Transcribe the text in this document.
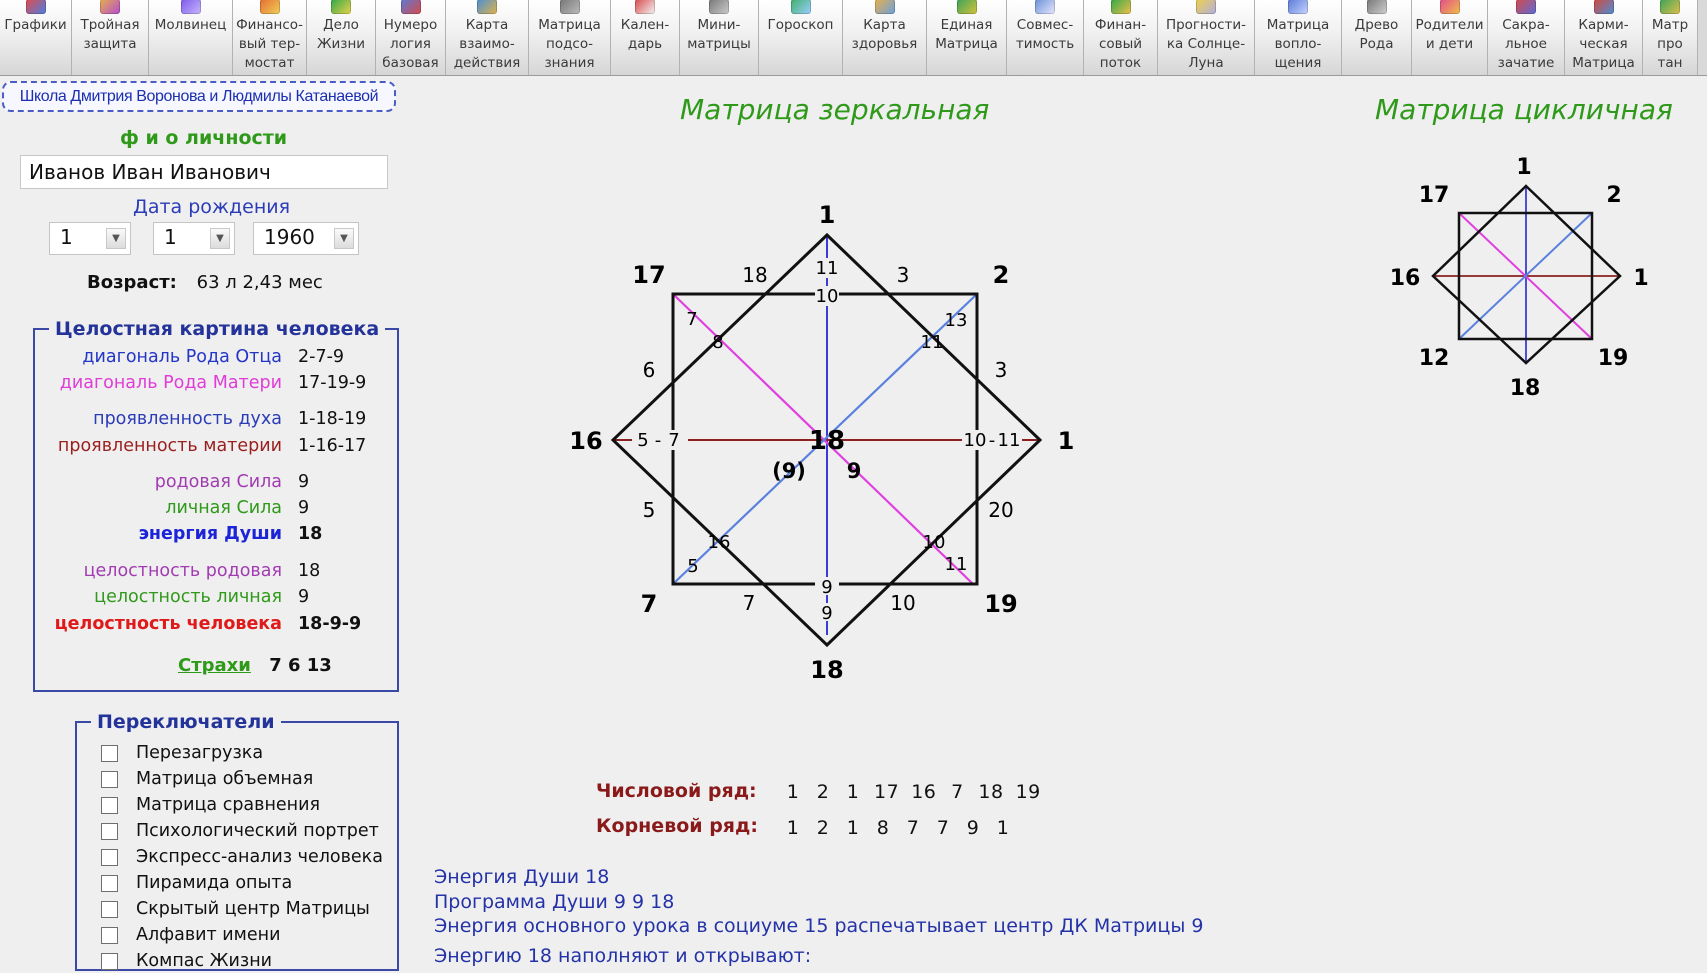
Графики Тройная
защита
Молвинец Финансо-
вый тер-
мостат
Дело
Жизни
Нумеро
логия
базовая
Карта
взаимо-
действия
Матрица
подсо-
знания
Кален-
дарь
Мини-
матрицы
Гороскоп	Карта
здоровья
Единая
Матрица
Совмес-
тимость
Финан-
совый
поток
Прогности-
ка Солнце-
Луна
Матрица
вопло-
щения
Древо
Рода
Родители
и дети
Сакра-
льное
зачатие
Карми-
ческая
Матрица
Матр
про
тан
Школа Дмитрия Воронова и Людмилы Катанаевой
ф и о личности
Иванов Иван Иванович
Дата рождения
1	▼	1	▼	1960	▼
Возраст: 63 л 2,43 мес
Целостная картина человека
диагональ Рода Отца 2-7-9
диагональ Рода Матери 17-19-9
проявленность духа 1-18-19
проявленность материи 1-16-17
родовая Сила 9
личная Сила 9
энергия Души 18
целостность родовая 18
целостность личная 9
целостность человека 18-9-9
Страхи 7 6 13
Переключатели
Перезагрузка
Матрица объемная
Матрица сравнения
Психологический портрет
Экспресс-анализ человека
Пирамида опыта
Скрытый центр Матрицы
Алфавит имени
Компас Жизни
Матрица зеркальная
1
1
18
16
17	2
7	19
18
(9) 9
18	3
3
20
10
7
5
6
11
10
9
9
5 - 7	10 - 11
7
8
13
11
11
10
5
16
Матрица цикличная
1
2
1
19
18
12
16
17
Числовой ряд: 1 2 1 17 16 7 18 19
Корневой ряд: 1 2 1 8 7 7 9 1
Энергия Души 18
Программа Души 9 9 18
Энергия основного урока в социуме 15 распечатывает центр ДК Матрицы 9
Энергию 18 наполняют и открывают:
